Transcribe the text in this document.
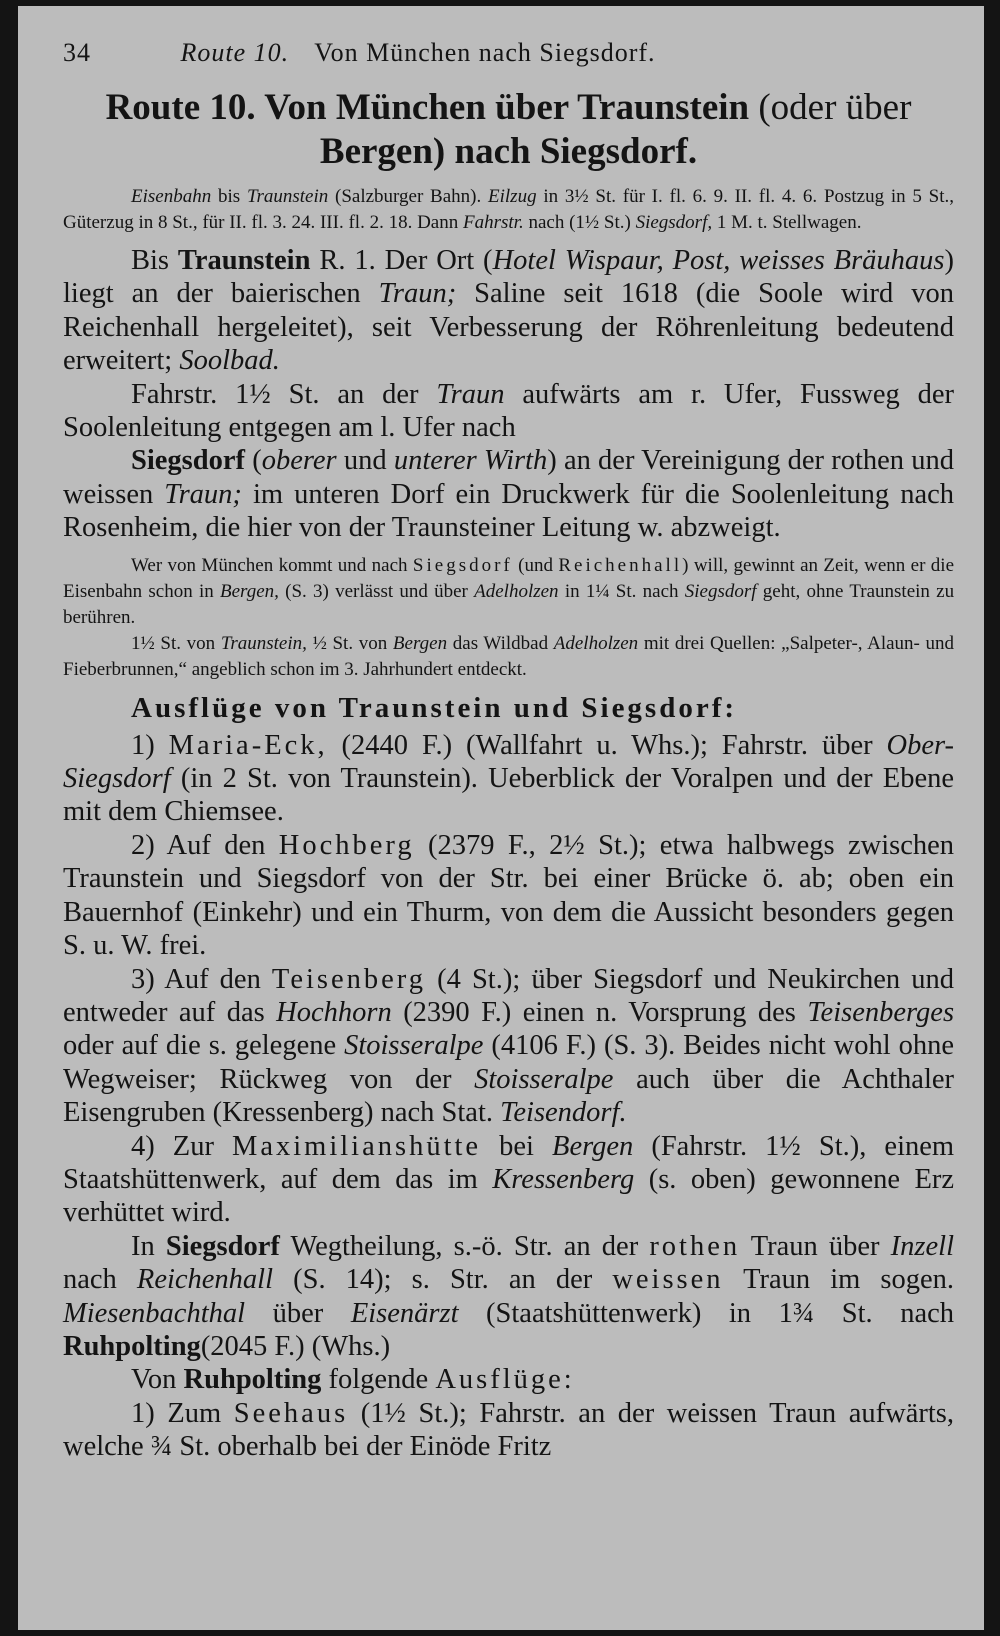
34	Route 10. Von München nach Siegsdorf.
Route 10. Von München über Traunstein (oder über
Bergen) nach Siegsdorf.

Eisenbahn bis Traunstein (Salzburger Bahn). Eilzug in 3½ St. für I. fl. 6. 9. II. fl. 4. 6. Postzug in 5 St., Güterzug in 8 St., für II. fl. 3. 24. III. fl. 2. 18. Dann Fahrstr. nach (1½ St.) Siegsdorf, 1 M. t. Stellwagen.

Bis Traunstein R. 1. Der Ort (Hotel Wispaur, Post, weisses Bräuhaus) liegt an der baierischen Traun; Saline seit 1618 (die Soole wird von Reichenhall hergeleitet), seit Verbesserung der Röhrenleitung bedeutend erweitert; Soolbad.

Fahrstr. 1½ St. an der Traun aufwärts am r. Ufer, Fussweg der Soolenleitung entgegen am l. Ufer nach

Siegsdorf (oberer und unterer Wirth) an der Vereinigung der rothen und weissen Traun; im unteren Dorf ein Druckwerk für die Soolenleitung nach Rosenheim, die hier von der Traunsteiner Leitung w. abzweigt.

Wer von München kommt und nach Siegsdorf (und Reichenhall) will, gewinnt an Zeit, wenn er die Eisenbahn schon in Bergen, (S. 3) verlässt und über Adelholzen in 1¼ St. nach Siegsdorf geht, ohne Traunstein zu berühren.

1½ St. von Traunstein, ½ St. von Bergen das Wildbad Adelholzen mit drei Quellen: „Salpeter-, Alaun- und Fieberbrunnen,“ angeblich schon im 3. Jahrhundert entdeckt.

Ausflüge von Traunstein und Siegsdorf:

1) Maria-Eck, (2440 F.) (Wallfahrt u. Whs.); Fahrstr. über Ober-Siegsdorf (in 2 St. von Traunstein). Ueberblick der Voralpen und der Ebene mit dem Chiemsee.

2) Auf den Hochberg (2379 F., 2½ St.); etwa halbwegs zwischen Traunstein und Siegsdorf von der Str. bei einer Brücke ö. ab; oben ein Bauernhof (Einkehr) und ein Thurm, von dem die Aussicht besonders gegen S. u. W. frei.

3) Auf den Teisenberg (4 St.); über Siegsdorf und Neukirchen und entweder auf das Hochhorn (2390 F.) einen n. Vorsprung des Teisenberges oder auf die s. gelegene Stoisseralpe (4106 F.) (S. 3). Beides nicht wohl ohne Wegweiser; Rückweg von der Stoisseralpe auch über die Achthaler Eisengruben (Kressenberg) nach Stat. Teisendorf.

4) Zur Maximilianshütte bei Bergen (Fahrstr. 1½ St.), einem Staatshüttenwerk, auf dem das im Kressenberg (s. oben) gewonnene Erz verhüttet wird.

In Siegsdorf Wegtheilung, s.-ö. Str. an der rothen Traun über Inzell nach Reichenhall (S. 14); s. Str. an der weissen Traun im sogen. Miesenbachthal über Eisenärzt (Staatshüttenwerk) in 1¾ St. nach Ruhpolting(2045 F.) (Whs.)

Von Ruhpolting folgende Ausflüge:

1) Zum Seehaus (1½ St.); Fahrstr. an der weissen Traun aufwärts, welche ¾ St. oberhalb bei der Einöde Fritz
